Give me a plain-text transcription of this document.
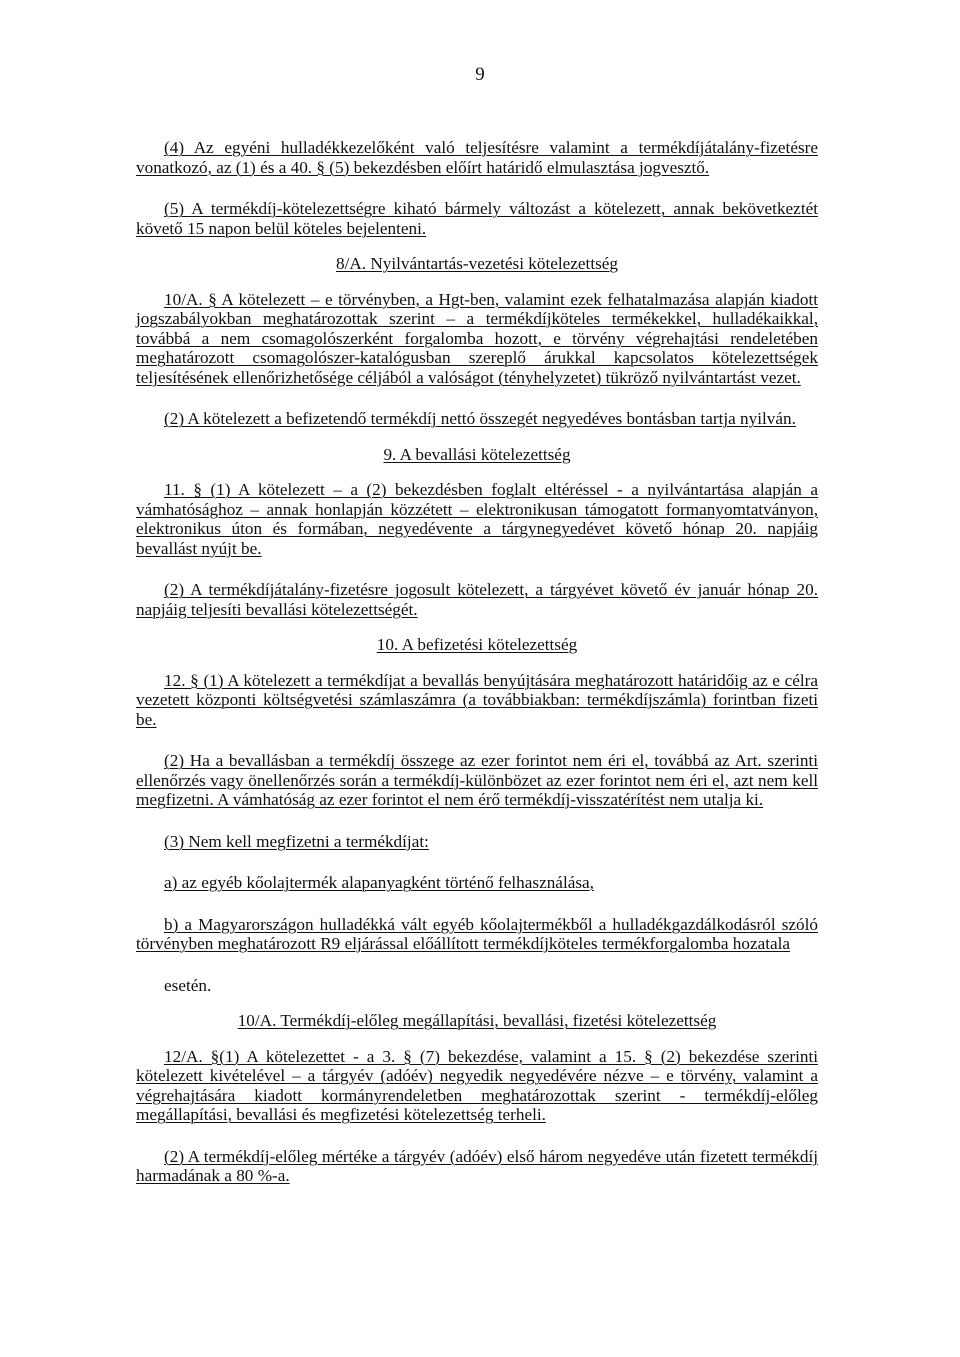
9

(4) Az egyéni hulladékkezelőként való teljesítésre valamint a termékdíjátalány-fizetésre vonatkozó, az (1) és a 40. § (5) bekezdésben előírt határidő elmulasztása jogvesztő.

(5) A termékdíj-kötelezettségre kiható bármely változást a kötelezett, annak bekövetkeztét követő 15 napon belül köteles bejelenteni.

8/A. Nyilvántartás-vezetési kötelezettség

10/A. § A kötelezett – e törvényben, a Hgt-ben, valamint ezek felhatalmazása alapján kiadott jogszabályokban meghatározottak szerint – a termékdíjköteles termékekkel, hulladékaikkal, továbbá a nem csomagolószerként forgalomba hozott, e törvény végrehajtási rendeletében meghatározott csomagolószer-katalógusban szereplő árukkal kapcsolatos kötelezettségek teljesítésének ellenőrizhetősége céljából a valóságot (tényhelyzetet) tükröző nyilvántartást vezet.

(2) A kötelezett a befizetendő termékdíj nettó összegét negyedéves bontásban tartja nyilván.

9. A bevallási kötelezettség

11. § (1) A kötelezett – a (2) bekezdésben foglalt eltéréssel - a nyilvántartása alapján a vámhatósághoz – annak honlapján közzétett – elektronikusan támogatott formanyomtatványon, elektronikus úton és formában, negyedévente a tárgynegyedévet követő hónap 20. napjáig bevallást nyújt be.

(2) A termékdíjátalány-fizetésre jogosult kötelezett, a tárgyévet követő év január hónap 20. napjáig teljesíti bevallási kötelezettségét.

10. A befizetési kötelezettség

12. § (1) A kötelezett a termékdíjat a bevallás benyújtására meghatározott határidőig az e célra vezetett központi költségvetési számlaszámra (a továbbiakban: termékdíjszámla) forintban fizeti be.

(2) Ha a bevallásban a termékdíj összege az ezer forintot nem éri el, továbbá az Art. szerinti ellenőrzés vagy önellenőrzés során a termékdíj-különbözet az ezer forintot nem éri el, azt nem kell megfizetni. A vámhatóság az ezer forintot el nem érő termékdíj-visszatérítést nem utalja ki.

(3) Nem kell megfizetni a termékdíjat:

a) az egyéb kőolajtermék alapanyagként történő felhasználása,

b) a Magyarországon hulladékká vált egyéb kőolajtermékből a hulladékgazdálkodásról szóló törvényben meghatározott R9 eljárással előállított termékdíjköteles termékforgalomba hozatala

esetén.

10/A. Termékdíj-előleg megállapítási, bevallási, fizetési kötelezettség

12/A. §(1) A kötelezettet - a 3. § (7) bekezdése, valamint a 15. § (2) bekezdése szerinti kötelezett kivételével – a tárgyév (adóév) negyedik negyedévére nézve – e törvény, valamint a végrehajtására kiadott kormányrendeletben meghatározottak szerint - termékdíj-előleg megállapítási, bevallási és megfizetési kötelezettség terheli.

(2) A termékdíj-előleg mértéke a tárgyév (adóév) első három negyedéve után fizetett termékdíj harmadának a 80 %-a.
